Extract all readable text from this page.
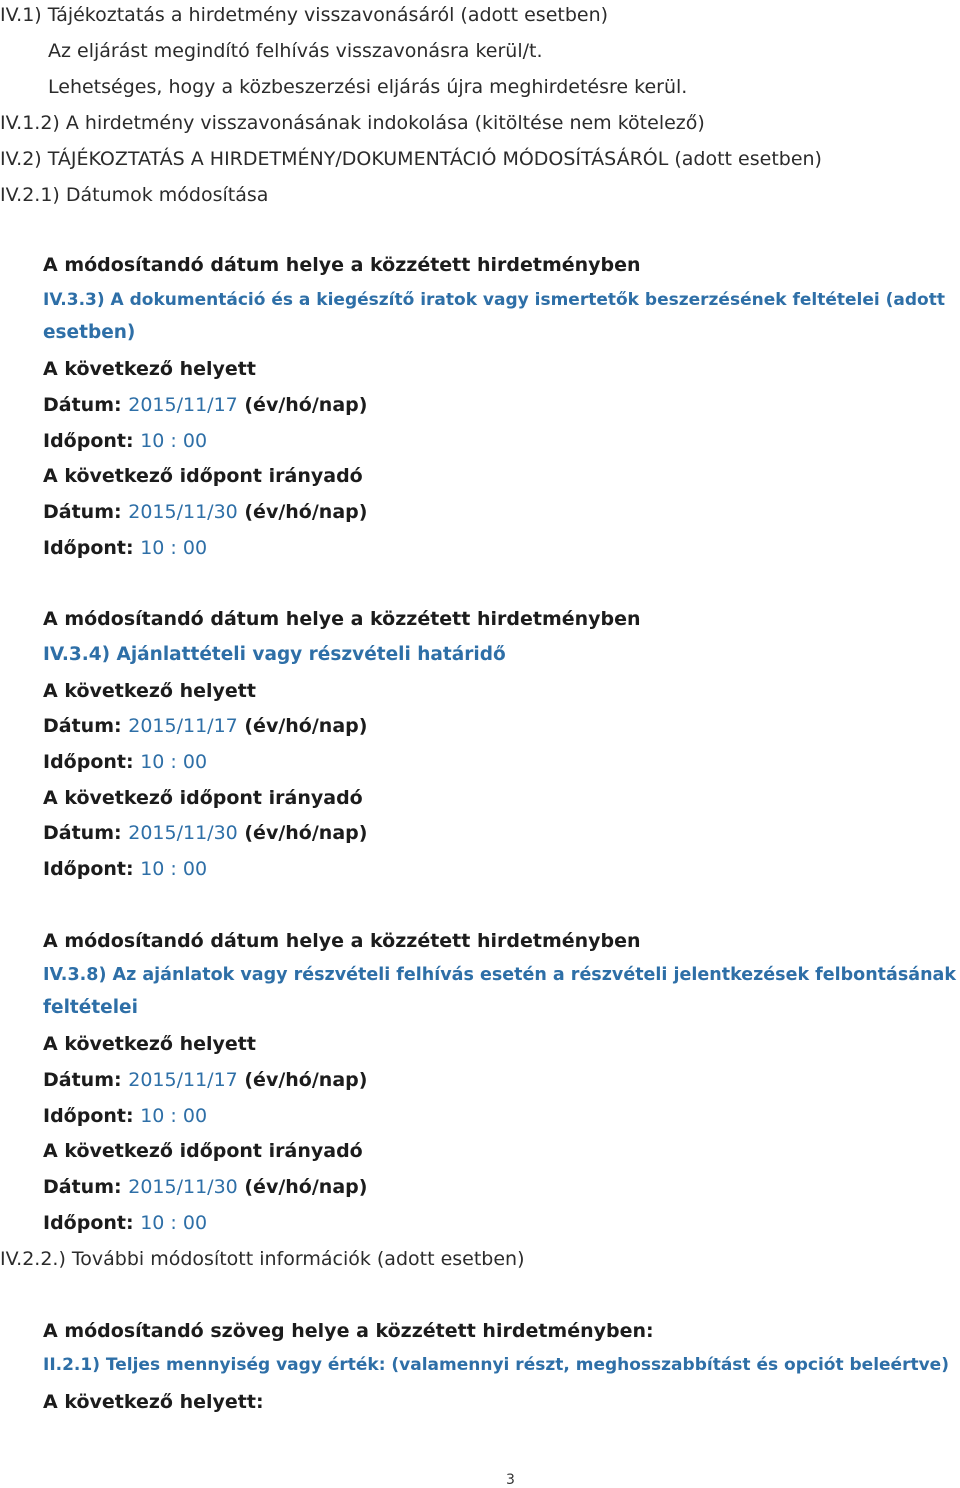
IV.1) Tájékoztatás a hirdetmény visszavonásáról (adott esetben)
Az eljárást megindító felhívás visszavonásra kerül/t.
Lehetséges, hogy a közbeszerzési eljárás újra meghirdetésre kerül.
IV.1.2) A hirdetmény visszavonásának indokolása (kitöltése nem kötelező)
IV.2) TÁJÉKOZTATÁS A HIRDETMÉNY/DOKUMENTÁCIÓ MÓDOSÍTÁSÁRÓL (adott esetben)
IV.2.1) Dátumok módosítása
A módosítandó dátum helye a közzétett hirdetményben
IV.3.3) A dokumentáció és a kiegészítő iratok vagy ismertetők beszerzésének feltételei (adott
esetben)
A következő helyett
Dátum: 2015/11/17 (év/hó/nap)
Időpont: 10 : 00
A következő időpont irányadó
Dátum: 2015/11/30 (év/hó/nap)
Időpont: 10 : 00
A módosítandó dátum helye a közzétett hirdetményben
IV.3.4) Ajánlattételi vagy részvételi határidő
A következő helyett
Dátum: 2015/11/17 (év/hó/nap)
Időpont: 10 : 00
A következő időpont irányadó
Dátum: 2015/11/30 (év/hó/nap)
Időpont: 10 : 00
A módosítandó dátum helye a közzétett hirdetményben
IV.3.8) Az ajánlatok vagy részvételi felhívás esetén a részvételi jelentkezések felbontásának
feltételei
A következő helyett
Dátum: 2015/11/17 (év/hó/nap)
Időpont: 10 : 00
A következő időpont irányadó
Dátum: 2015/11/30 (év/hó/nap)
Időpont: 10 : 00
IV.2.2.) További módosított információk (adott esetben)
A módosítandó szöveg helye a közzétett hirdetményben:
II.2.1) Teljes mennyiség vagy érték: (valamennyi részt, meghosszabbítást és opciót beleértve)
A következő helyett:
3
